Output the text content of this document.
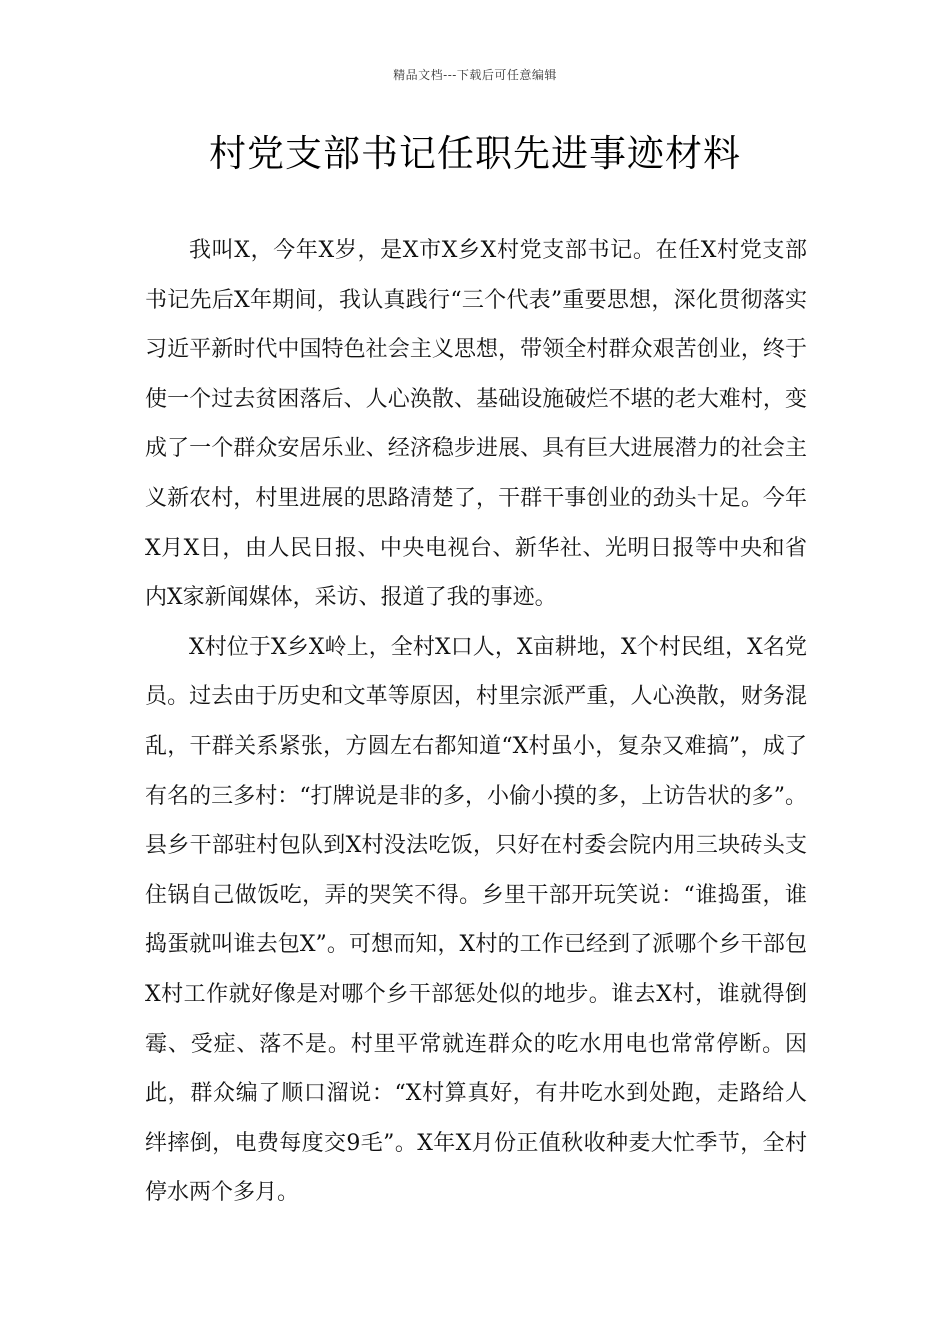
精品文档---下载后可任意编辑
村党支部书记任职先进事迹材料

我叫X，今年X岁，是X市X乡X村党支部书记。在任X村党支部书记先后X年期间，我认真践行“三个代表”重要思想，深化贯彻落实习近平新时代中国特色社会主义思想，带领全村群众艰苦创业，终于使一个过去贫困落后、人心涣散、基础设施破烂不堪的老大难村，变成了一个群众安居乐业、经济稳步进展、具有巨大进展潜力的社会主义新农村，村里进展的思路清楚了，干群干事创业的劲头十足。今年X月X日，由人民日报、中央电视台、新华社、光明日报等中央和省内X家新闻媒体，采访、报道了我的事迹。

X村位于X乡X岭上，全村X口人，X亩耕地，X个村民组，X名党员。过去由于历史和文革等原因，村里宗派严重，人心涣散，财务混乱，干群关系紧张，方圆左右都知道“X村虽小，复杂又难搞”，成了有名的三多村：“打牌说是非的多，小偷小摸的多，上访告状的多”。县乡干部驻村包队到X村没法吃饭，只好在村委会院内用三块砖头支住锅自己做饭吃，弄的哭笑不得。乡里干部开玩笑说：“谁捣蛋，谁捣蛋就叫谁去包X”。可想而知，X村的工作已经到了派哪个乡干部包X村工作就好像是对哪个乡干部惩处似的地步。谁去X村，谁就得倒霉、受症、落不是。村里平常就连群众的吃水用电也常常停断。因此，群众编了顺口溜说：“X村算真好，有井吃水到处跑，走路给人绊摔倒，电费每度交9毛”。X年X月份正值秋收种麦大忙季节，全村停水两个多月。
